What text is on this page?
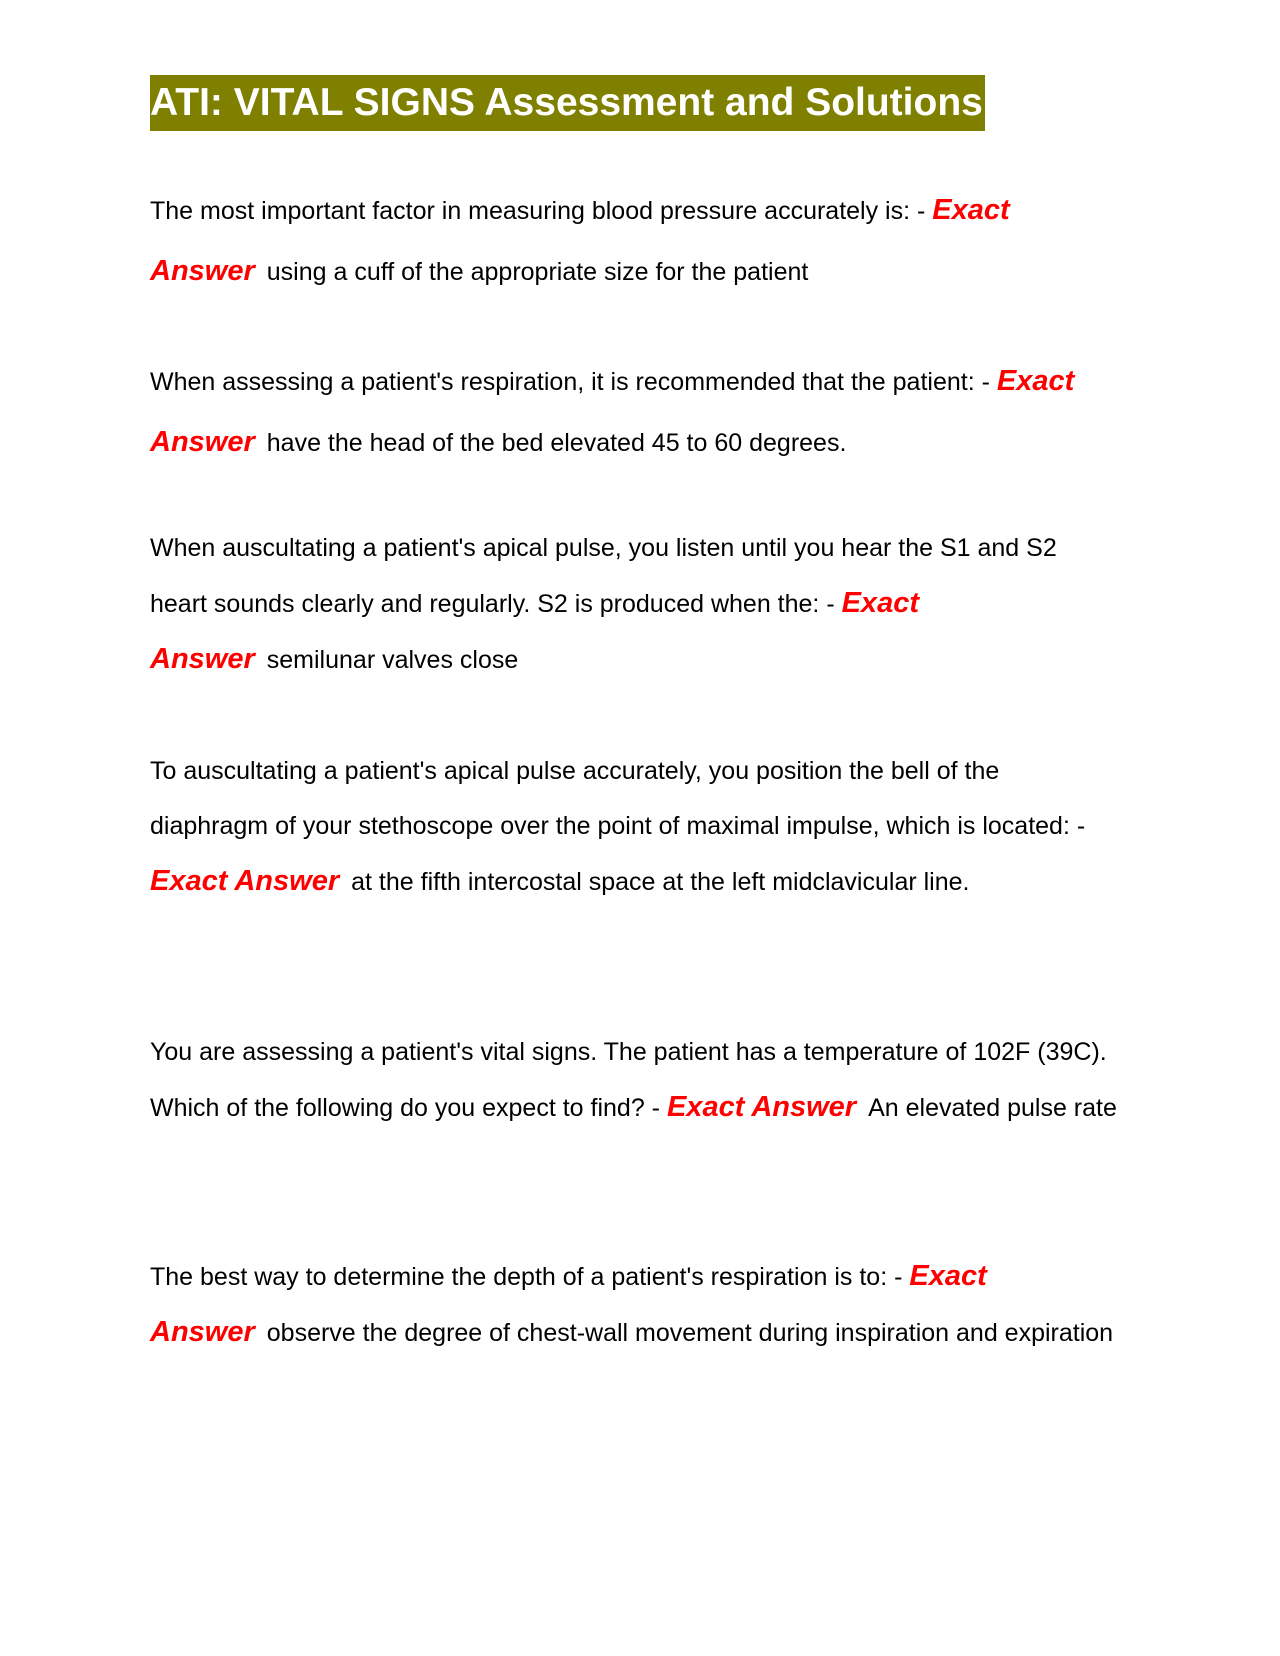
ATI: VITAL SIGNS Assessment and Solutions

The most important factor in measuring blood pressure accurately is: - Exact Answer using a cuff of the appropriate size for the patient

When assessing a patient's respiration, it is recommended that the patient: - Exact Answer have the head of the bed elevated 45 to 60 degrees.

When auscultating a patient's apical pulse, you listen until you hear the S1 and S2 heart sounds clearly and regularly. S2 is produced when the: - Exact Answer semilunar valves close

To auscultating a patient's apical pulse accurately, you position the bell of the diaphragm of your stethoscope over the point of maximal impulse, which is located: - Exact Answer at the fifth intercostal space at the left midclavicular line.

You are assessing a patient's vital signs. The patient has a temperature of 102F (39C). Which of the following do you expect to find? - Exact Answer An elevated pulse rate

The best way to determine the depth of a patient's respiration is to: - Exact Answer observe the degree of chest-wall movement during inspiration and expiration
